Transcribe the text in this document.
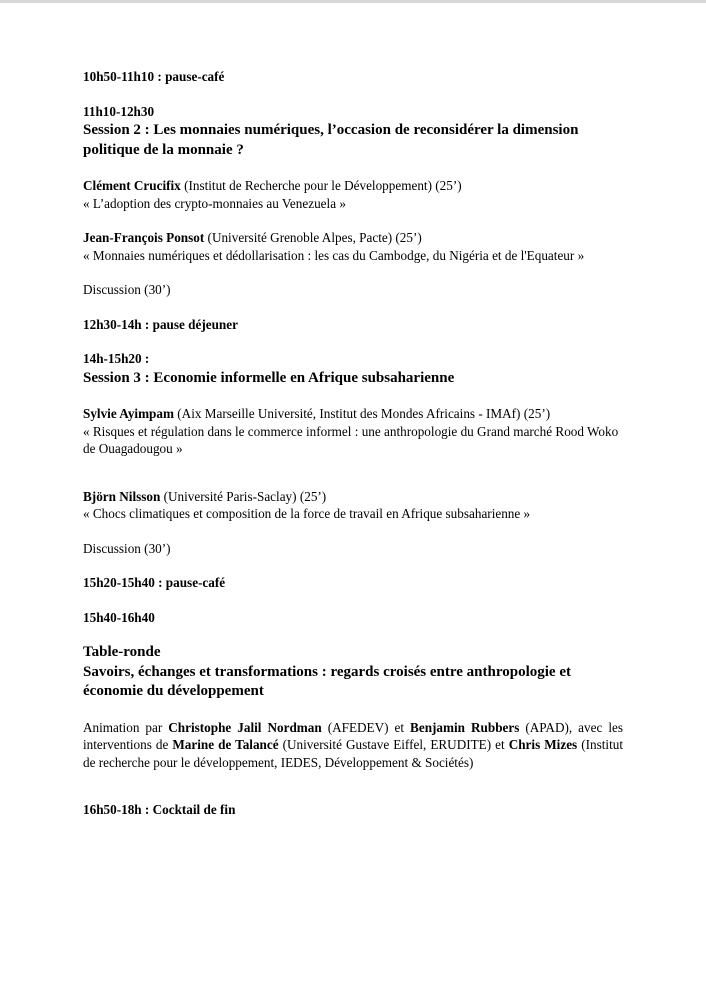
10h50-11h10 : pause-café
11h10-12h30
Session 2 : Les monnaies numériques, l’occasion de reconsidérer la dimension politique de la monnaie ?
Clément Crucifix (Institut de Recherche pour le Développement) (25’)
« L’adoption des crypto-monnaies au Venezuela »
Jean-François Ponsot (Université Grenoble Alpes, Pacte) (25’)
« Monnaies numériques et dédollarisation : les cas du Cambodge, du Nigéria et de l'Equateur »
Discussion (30’)
12h30-14h : pause déjeuner
14h-15h20 :
Session 3 : Economie informelle en Afrique subsaharienne
Sylvie Ayimpam (Aix Marseille Université, Institut des Mondes Africains - IMAf) (25’)
« Risques et régulation dans le commerce informel : une anthropologie du Grand marché Rood Woko de Ouagadougou »
Björn Nilsson (Université Paris-Saclay) (25’)
« Chocs climatiques et composition de la force de travail en Afrique subsaharienne »
Discussion (30’)
15h20-15h40 : pause-café
15h40-16h40
Table-ronde
Savoirs, échanges et transformations : regards croisés entre anthropologie et économie du développement
Animation par Christophe Jalil Nordman (AFEDEV) et Benjamin Rubbers (APAD), avec les interventions de Marine de Talancé (Université Gustave Eiffel, ERUDITE) et Chris Mizes (Institut de recherche pour le développement, IEDES, Développement & Sociétés)
16h50-18h : Cocktail de fin
